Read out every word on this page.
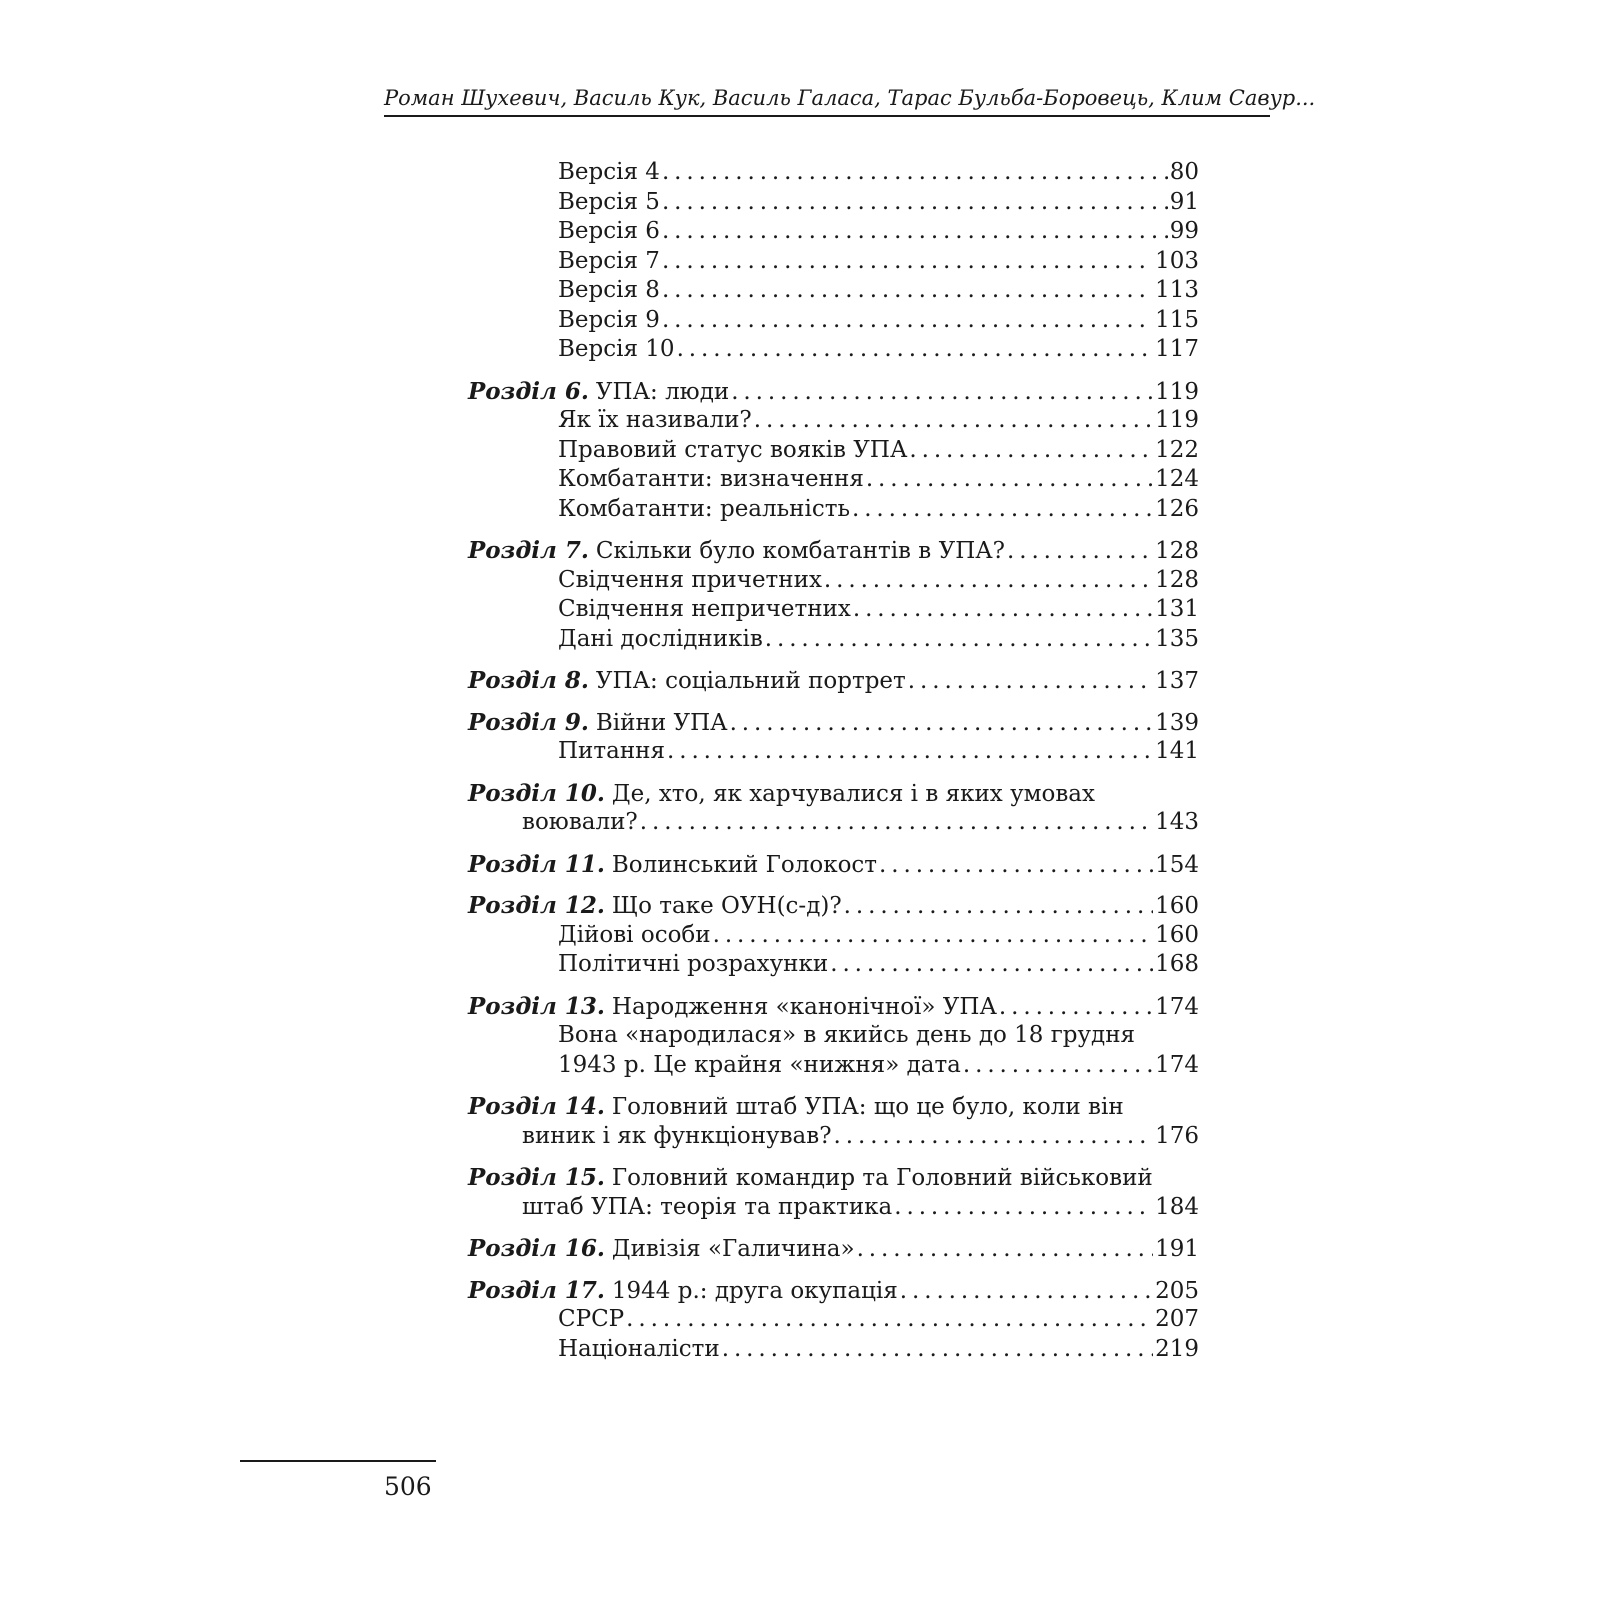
Роман Шухевич, Василь Кук, Василь Галаса, Тарас Бульба-Боровець, Клим Савур...
Версія 4 . . .	80
Версія 5 . . .	91
Версія 6 . . .	99
Версія 7 . . .	103
Версія 8 . . .	113
Версія 9 . . .	115
Версія 10 . . .	117
Розділ 6. УПА: люди . . .	119
Як їх називали? . . .	119
Правовий статус вояків УПА . . .	122
Комбатанти: визначення . . .	124
Комбатанти: реальність . . .	126
Розділ 7. Скільки було комбатантів в УПА? . . .	128
Свідчення причетних . . .	128
Свідчення непричетних . . .	131
Дані дослідників . . .	135
Розділ 8. УПА: соціальний портрет . . .	137
Розділ 9. Війни УПА . . .	139
Питання . . .	141
Розділ 10. Де, хто, як харчувалися і в яких умовах
воювали? . . .	143
Розділ 11. Волинський Голокост . . .	154
Розділ 12. Що таке ОУН(с-д)? . . .	160
Дійові особи . . .	160
Політичні розрахунки . . .	168
Розділ 13. Народження «канонічної» УПА . . .	174
Вона «народилася» в якийсь день до 18 грудня
1943 р. Це крайня «нижня» дата . . .	174
Розділ 14. Головний штаб УПА: що це було, коли він
виник і як функціонував? . . .	176
Розділ 15. Головний командир та Головний військовий
штаб УПА: теорія та практика . . .	184
Розділ 16. Дивізія «Галичина» . . .	191
Розділ 17. 1944 р.: друга окупація . . .	205
СРСР . . .	207
Націоналісти . . .	219
506
